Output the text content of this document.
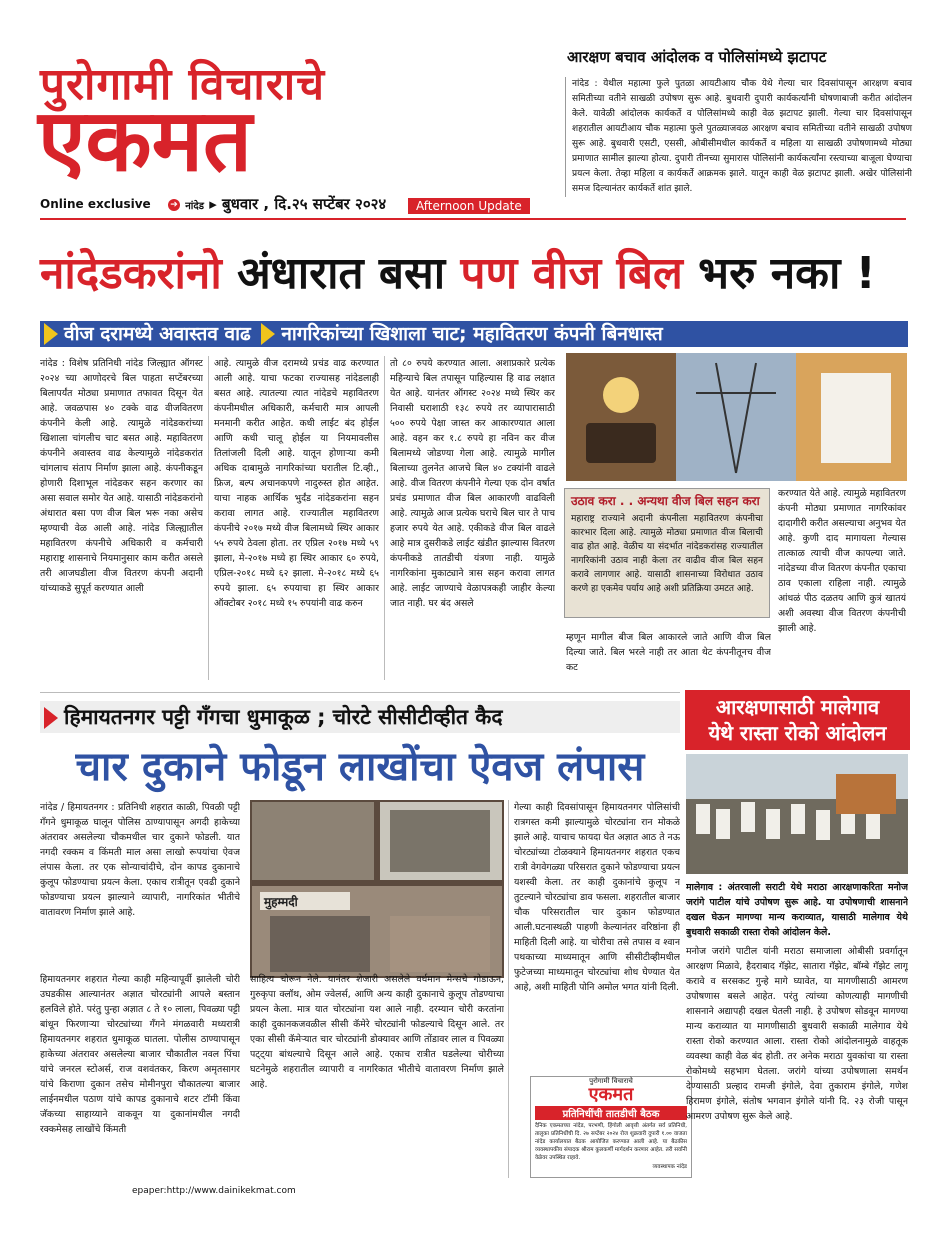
पुरोगामी विचाराचे
एकमत
Online exclusive ➔ नांदेड ▸ बुधवार , दि.२५ सप्टेंबर २०२४	Afternoon Update
आरक्षण बचाव आंदोलक व पोलिसांमध्ये झटापट
नांदेड : येथील महात्मा फुले पुतळा आयटीआय चौक येथे गेल्या चार दिवसांपासून आरक्षण बचाव समितीच्या वतीने साखळी उपोषण सुरू आहे. बुधवारी दुपारी कार्यकर्त्यांनी घोषणाबाजी करीत आंदोलन केले. यावेळी आंदोलक कार्यकर्ते व पोलिसांमध्ये काही वेळ झटापट झाली. गेल्या चार दिवसांपासून शहरातील आयटीआय चौक महात्मा फुले पुतळ्याजवळ आरक्षण बचाव समितीच्या वतीने साखळी उपोषण सुरू आहे. बुधवारी एसटी, एससी, ओबीसीमधील कार्यकर्ते व महिला या साखळी उपोषणामध्ये मोठ्या प्रमाणात सामील झाल्या होत्या. दुपारी तीनच्या सुमारास पोलिसांनी कार्यकर्त्यांना रस्त्याच्या बाजूला घेण्याचा प्रयत्न केला. तेव्हा महिला व कार्यकर्ते आक्रमक झाले. यातून काही वेळ झटापट झाली. अखेर पोलिसांनी समज दिल्यानंतर कार्यकर्ते शांत झाले.
नांदेडकरांनो अंधारात बसा पण वीज बिल भरु नका !
वीज दरामध्ये अवास्तव वाढ नागरिकांच्या खिशाला चाट; महावितरण कंपनी बिनधास्त
नांदेड : विशेष प्रतिनिधी नांदेड जिल्ह्यात ऑगस्ट २०२४ च्या आणोदरचे बिल पाहता सप्टेंबरच्या बिलापर्यंत मोठ्या प्रमाणात तफावत दिसून येत आहे. जवळपास ४० टक्के वाढ वीजवितरण कंपनीने केली आहे. त्यामुळे नांदेडकरांच्या खिशाला चांगलीच चाट बसत आहे. महावितरण कंपनीने अवास्तव वाढ केल्यामुळे नांदेडकरांत चांगलाच संताप निर्माण झाला आहे. कंपनीकडून होणारी दिशाभूल नांदेडकर सहन करणार का असा सवाल समोर येत आहे. यासाठी नांदेडकरांनो अंधारात बसा पण वीज बिल भरू नका असेच म्हण्याची वेळ आली आहे. नांदेड जिल्ह्यातील महावितरण कंपनीचे अधिकारी व कर्मचारी महाराष्ट्र शासनाचे नियमानुसार काम करीत असले तरी आजघडीला वीज वितरण कंपनी अदानी यांच्याकडे सुपूर्त करण्यात आली
आहे. त्यामुळे वीज दरामध्ये प्रचंड वाढ करण्यात आली आहे. याचा फटका राज्यासह नांदेडलाही बसत आहे. त्यातल्या त्यात नांदेडचे महावितरण कंपनीमधील अधिकारी, कर्मचारी मात्र आपली मनमानी करीत आहेत. कधी लाईट बंद होईल आणि कधी चालू होईल या नियमावलीस तिलांजली दिली आहे. यातून होणाऱ्या कमी अधिक दाबामुळे नागरिकांच्या घरातील टि.व्ही., फ्रिज, बल्प अचानकपणे नादुरुस्त होत आहेत. याचा नाहक आर्थिक भुर्दंड नांदेडकरांना सहन करावा लागत आहे. राज्यातील महावितरण कंपनीचे २०१७ मध्ये वीज बिलामध्ये स्थिर आकार ५५ रुपये ठेवला होता. तर एप्रिल २०१७ मध्ये ५९ झाला, मे-२०१७ मध्ये हा स्थिर आकार ६० रुपये, एप्रिल-२०१८ मध्ये ६२ झाला. मे-२०१८ मध्ये ६५ रुपये झाला. ६५ रुपयाचा हा स्थिर आकार ऑक्टोबर २०१८ मध्ये १५ रुपयांनी वाढ करुन
तो ८० रुपये करण्यात आला. अशाप्रकारे प्रत्येक महिन्याचे बिल तपासून पाहिल्यास हि वाढ लक्षात येत आहे. यानंतर ऑगस्ट २०२४ मध्ये स्थिर कर निवासी घराशाठी १३८ रुपये तर व्यापारासाठी ५०० रुपये पेक्षा जास्त कर आकारण्यात आला आहे. वहन कर १.८ रुपये हा नविन कर वीज बिलामध्ये जोडण्या गेला आहे. त्यामुळे मागील बिलाच्या तुलनेत आजचे बिल ४० टक्यांनी वाढले आहे. वीज वितरण कंपनीने गेल्या एक दोन वर्षात प्रचंड प्रमाणात वीज बिल आकारणी वाढविली आहे. त्यामुळे आज प्रत्येक घराचे बिल चार ते पाच हजार रुपये येत आहे. एकीकडे वीज बिल वाढले आहे मात्र दुसरीकडे लाईट खंडीत झाल्यास वितरण कंपनीकडे तातडीची यंत्रणा नाही. यामुळे नागरिकांना मुकाट्याने त्रास सहन करावा लागत आहे. लाईट जाण्याचे वेळापत्रकही जाहीर केल्या जात नाही. घर बंद असले
उठाव करा . . अन्यथा वीज बिल सहन करा
महाराष्ट्र राज्याने अदानी कंपनीला महावितरण कंपनीचा कारभार दिला आहे. त्यामुळे मोठ्या प्रमाणात वीज बिलाची वाढ होत आहे. वेळीच या संदर्भात नांदेडकरांसह राज्यातील नागरिकांनी उठाव नाही केला तर वाढीव वीज बिल सहन करावे लागणार आहे. यासाठी शासनाच्या विरोधात उठाव करणे हा एकमेव पर्याय आहे अशी प्रतिक्रिया उमटत आहे.
म्हणून मागील बीज बिल आकारले जाते आणि वीज बिल दिल्या जाते. बिल भरले नाही तर आता थेट कंपनीतूनच वीज कट
करण्यात येते आहे. त्यामुळे महावितरण कंपनी मोठ्या प्रमाणात नागरिकांवर दादागीरी करीत असल्याचा अनुभव येत आहे. कुणी दाद मागायला गेल्यास तात्काळ त्याची वीज कापल्या जाते. नांदेडच्या वीज वितरण कंपनीत एकाचा ठाव एकाला राहिला नाही. त्यामुळे आंधळं पीठ दळतय आणि कुत्रं खातयं अशी अवस्था वीज वितरण कंपनीची झाली आहे.
हिमायतनगर पट्टी गँगचा धुमाकूळ ; चोरटे सीसीटीव्हीत कैद
चार दुकाने फोडून लाखोंचा ऐवज लंपास
नांदेड / हिमायतनगर : प्रतिनिधी शहरात काळी, पिवळी पट्टी गँगने धुमाकूळ घालून पोलिस ठाण्यापासून अगदी हाकेच्या अंतरावर असलेल्या चौकमधील चार दुकाने फोडली. यात नगदी रक्कम व किंमती माल असा लाखो रूपयांचा ऐवज लंपास केला. तर एक सोन्याचांदीचे, दोन कापड दुकानाचे कुलूप फोडण्याचा प्रयत्न केला. एकाच रात्रीतून एवढी दुकाने फोडण्याचा प्रयत्न झाल्याने व्यापारी, नागरिकांत भीतीचे वातावरण निर्माण झाले आहे.
हिमायतनगर शहरात गेल्या काही महिन्यापूर्वी झालेली चोरी उघडकीस आल्यानंतर अज्ञात चोरट्यांनी आपले बस्तान हलविले होते. परंतु पुन्हा अज्ञात ८ ते १० लाला, पिवळ्या पट्टी बांधून फिरणाऱ्या चोरट्यांच्या गँगने मंगळवारी मध्यरात्री हिमायतनगर शहरात धुमाकूळ घातला. पोलीस ठाण्यापासून हाकेच्या अंतरावर असलेल्या बाजार चौकातील नवल पिंचा यांचे जनरल स्टोअर्स, राज वशवंतकर, किरण अमृतसागर यांचे किराणा दुकान तसेच मोमीनपुरा चौकातल्या बाजार लाईनमधील पठाण यांचे कापड दुकानाचे शटर टॉमी किंवा जॅकच्या साहाय्याने वाकवून या दुकानांमधील नगदी रक्कमेसह लाखोंचे किंमती
मुहम्मदी
साहित्य चोरून नेले. यानंतर शेजारी असलेले वर्धमान मेन्सचे गोडाऊन, गुरुकृपा क्लॉथ, ओम ज्वेलर्स, आणि अन्य काही दुकानाचे कुलूप तोडण्याचा प्रयत्न केला. मात्र यात चोरट्यांना यश आले नाही. दरम्यान चोरी करतांना काही दुकानकजवळील सीसी कॅमेरे चोरट्यांनी फोडल्याचे दिसून आले. तर एका सीसी कॅमेऱ्यात चार चोरट्यांनी डोक्यावर आणि तोंडावर लाल व पिवळ्या पट्ट्या बांधल्याचे दिसून आले आहे. एकाच रात्रीत घडलेल्या चोरीच्या घटनेमुळे शहरातील व्यापारी व नागरिकात भीतीचे वातावरण निर्माण झाले आहे.
गेल्या काही दिवसांपासून हिमायतनगर पोलिसांची रात्रगस्त कमी झाल्यामुळे चोरट्यांना रान मोकळे झाले आहे. याचाच फायदा घेत अज्ञात आठ ते नऊ चोरट्यांच्या टोळक्याने हिमायतनगर शहरात एकच रात्री वेगवेगळ्या परिसरात दुकाने फोडण्याचा प्रयत्न यशस्वी केला. तर काही दुकानांचे कुलूप न तुटल्याने चोरट्यांचा डाव फसला. शहरातील बाजार चौक परिसरातील चार दुकान फोडण्यात आली.घटनास्थळी पाहणी केल्यानंतर वरिष्ठांना ही माहिती दिली आहे. या चोरीचा तसे तपास व श्वान पथकाच्या माध्यमातून आणि सीसीटीव्हीमधील फुटेजच्या माध्यमातून चोरट्यांचा शोध घेण्यात येत आहे, अशी माहिती पोनि अमोल भगत यांनी दिली.
पुरोगामी विचाराचे
एकमत
प्रतिनिधींची तातडीची बैठक
दैनिक एकमतच्या नांदेड, परभणी, हिंगोली आवृत्ती अंतर्गत सर्व प्रतिनिधी, तालुका प्रतिनिधींची दि. २७ सप्टेंबर २०२४ रोज शुक्रवारी दुपारी १.०० वाजता नांदेड कार्यालयात बैठक आयोजित करण्यात आली आहे. या बैठकीस व्यवस्थापकीय संपादक श्रीराम कुलकर्णी मार्गदर्शन करणार आहेत. तरी सर्वांनी वेळेवर उपस्थित राहावे.
व्यवस्थापक नांदेड
आरक्षणासाठी मालेगाव
येथे रास्ता रोको आंदोलन
मालेगाव : अंतरवाली सराटी येथे मराठा आरक्षणाकरिता मनोज जरांगे पाटील यांचे उपोषण सुरू आहे. या उपोषणाची शासनाने दखल घेऊन मागण्या मान्य कराव्यात, यासाठी मालेगाव येथे बुधवारी सकाळी रास्ता रोको आंदोलन केले.
मनोज जरांगे पाटील यांनी मराठा समाजाला ओबीसी प्रवर्गातून आरक्षण मिळावे, हैदराबाद गॅझेट, सातारा गॅझेट, बॉम्बे गॅझेट लागू करावे व सरसकट गुन्हे मागे घ्यावेत, या मागणीसाठी आमरण उपोषणास बसले आहेत. परंतु त्यांच्या कोणत्याही मागणीची शासनाने अद्यापही दखल घेतली नाही. हे उपोषण सोडवून मागण्या मान्य कराव्यात या मागणीसाठी बुधवारी सकाळी मालेगाव येथे रास्ता रोको करण्यात आला. रास्ता रोको आंदोलनामुळे वाहतूक व्यवस्था काही वेळ बंद होती. तर अनेक मराठा युवकांचा या रास्ता रोकोमध्ये सहभाग घेतला. जरांगे यांच्या उपोषणाला समर्थन देण्यासाठी प्रल्हाद रामजी इंगोले, देवा तुकाराम इंगोले, गणेश हिरामण इंगोले, संतोष भगवान इंगोले यांनी दि. २३ रोजी पासून आमरण उपोषण सुरू केले आहे.
epaper:http://www.dainikekmat.com
